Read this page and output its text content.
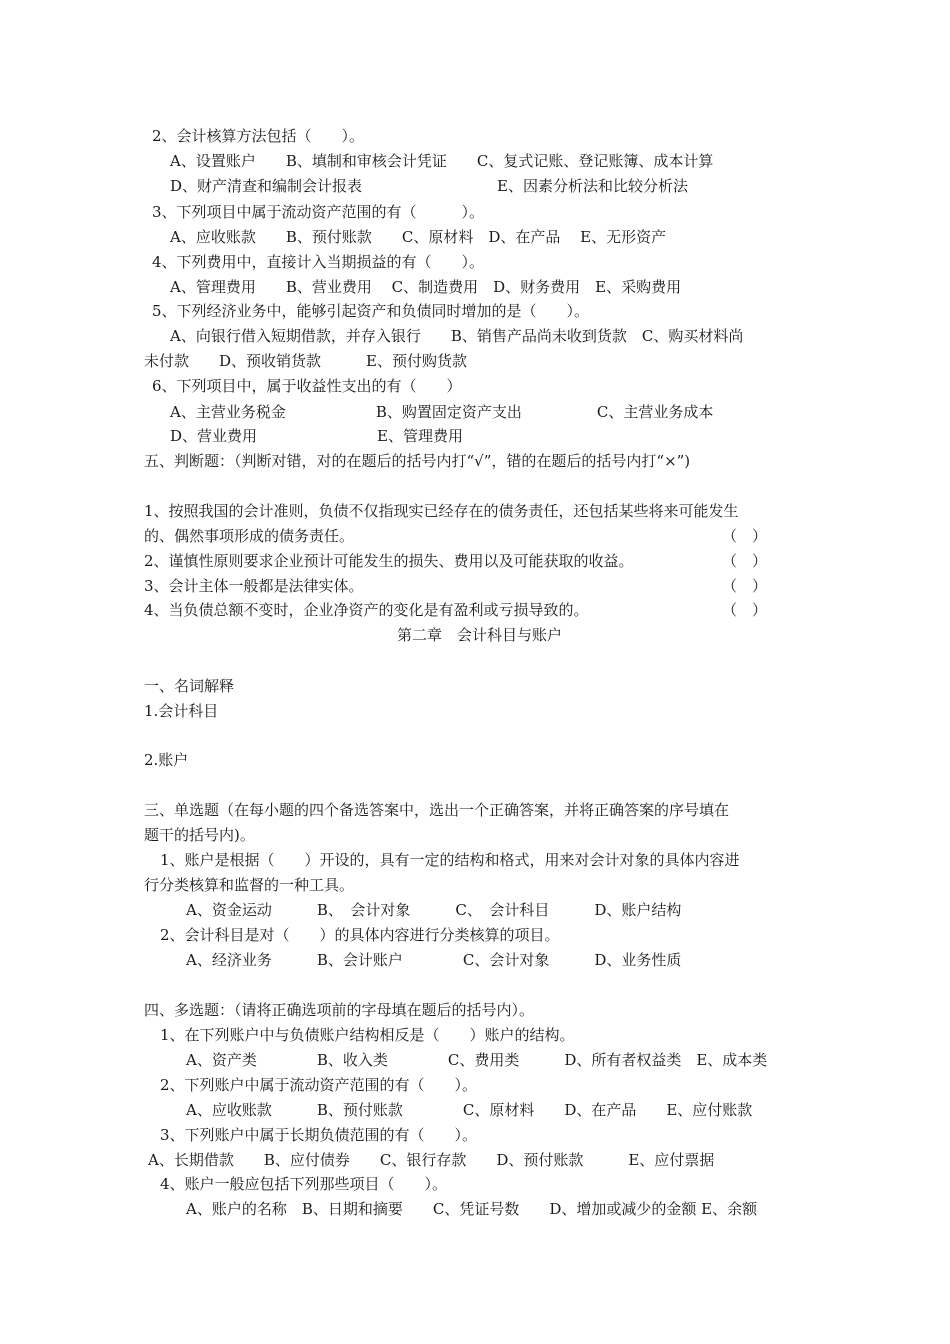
2、会计核算方法包括（　　）。
A、设置账户　　B、填制和审核会计凭证　　C、复式记账、登记账簿、成本计算
D、财产清查和编制会计报表　　　　　　　　　E、因素分析法和比较分析法
3、下列项目中属于流动资产范围的有（　　　）。
A、应收账款　　B、预付账款　　C、原材料　D、在产品　 E、无形资产
4、下列费用中，直接计入当期损益的有（　　）。
A、管理费用　　B、营业费用　 C、制造费用　D、财务费用　E、采购费用
5、下列经济业务中，能够引起资产和负债同时增加的是（　　）。
A、向银行借入短期借款，并存入银行　　B、销售产品尚未收到货款　C、购买材料尚
未付款　　D、预收销货款　　　E、预付购货款
6、下列项目中，属于收益性支出的有（　　）
A、主营业务税金　　　　　　B、购置固定资产支出　　　　　C、主营业务成本
D、营业费用　　　　　　　　E、管理费用
五、判断题：（判断对错，对的在题后的括号内打“√”，错的在题后的括号内打“×”)
1、按照我国的会计准则，负债不仅指现实已经存在的债务责任，还包括某些将来可能发生
的、偶然事项形成的债务责任。	（　）
2、谨慎性原则要求企业预计可能发生的损失、费用以及可能获取的收益。	（　）
3、会计主体一般都是法律实体。	（　）
4、当负债总额不变时，企业净资产的变化是有盈利或亏损导致的。	（　）
第二章　会计科目与账户
一、名词解释
1.会计科目
2.账户
三、单选题（在每小题的四个备选答案中，选出一个正确答案，并将正确答案的序号填在
题干的括号内)。
1、账户是根据（　　）开设的，具有一定的结构和格式，用来对会计对象的具体内容进
行分类核算和监督的一种工具。
A、资金运动　　　B、　会计对象　　　C、　会计科目　　　D、账户结构
2、会计科目是对（　　）的具体内容进行分类核算的项目。
A、经济业务　　　B、会计账户　　　　C、会计对象　　　D、业务性质
四、多选题：（请将正确选项前的字母填在题后的括号内）。
1、在下列账户中与负债账户结构相反是（　　）账户的结构。
A、资产类　　　　B、收入类　　　　C、费用类　　　D、所有者权益类　E、成本类
2、下列账户中属于流动资产范围的有（　　）。
A、应收账款　　　B、预付账款　　　　C、原材料　　D、在产品　　E、应付账款
3、下列账户中属于长期负债范围的有（　　）。
A、长期借款　　B、应付债券　　C、银行存款　　D、预付账款　　　E、应付票据
4、账户一般应包括下列那些项目（　　）。
A、账户的名称　B、日期和摘要　　C、凭证号数　　D、增加或减少的金额 E、余额
